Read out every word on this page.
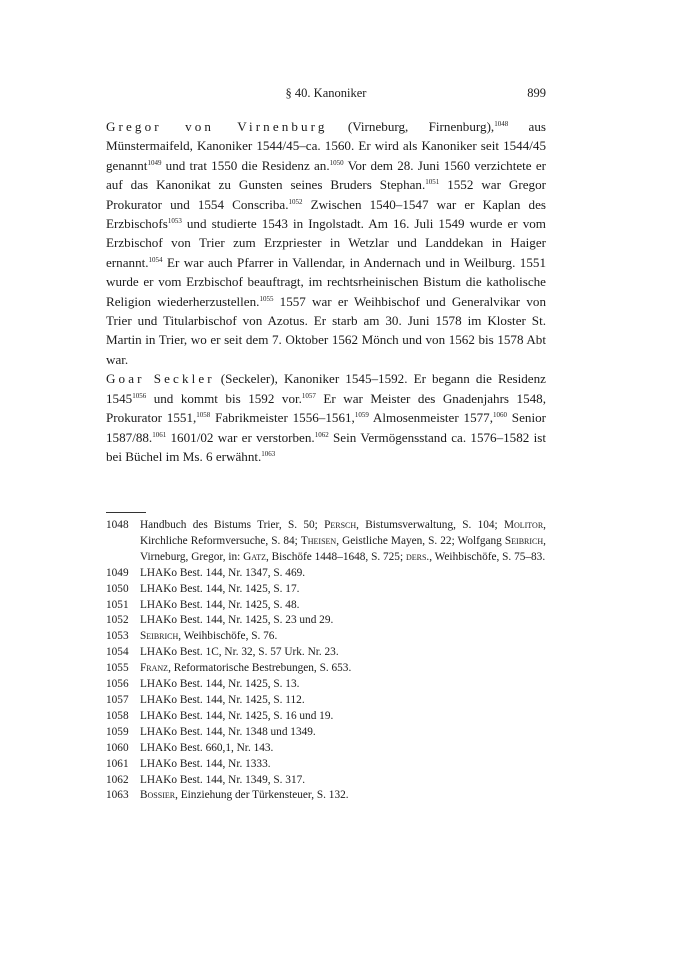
§ 40. Kanoniker	899

Gregor von Virnenburg (Virneburg, Firnenburg),$^{1048}$ aus Münstermaifeld, Kanoniker 1544/45–ca. 1560. Er wird als Kanoniker seit 1544/45 genannt$^{1049}$ und trat 1550 die Residenz an.$^{1050}$ Vor dem 28. Juni 1560 verzichtete er auf das Kanonikat zu Gunsten seines Bruders Stephan.$^{1051}$ 1552 war Gregor Prokurator und 1554 Conscriba.$^{1052}$ Zwischen 1540–1547 war er Kaplan des Erzbischofs$^{1053}$ und studierte 1543 in Ingolstadt. Am 16. Juli 1549 wurde er vom Erzbischof von Trier zum Erzpriester in Wetzlar und Landdekan in Haiger ernannt.$^{1054}$ Er war auch Pfarrer in Vallendar, in Andernach und in Weilburg. 1551 wurde er vom Erzbischof beauftragt, im rechtsrheinischen Bistum die katholische Religion wiederherzustellen.$^{1055}$ 1557 war er Weihbischof und Generalvikar von Trier und Titularbischof von Azotus. Er starb am 30. Juni 1578 im Kloster St. Martin in Trier, wo er seit dem 7. Oktober 1562 Mönch und von 1562 bis 1578 Abt war.

Goar Seckler (Seckeler), Kanoniker 1545–1592. Er begann die Residenz $1545^{1056}$ und kommt bis 1592 vor.$^{1057}$ Er war Meister des Gnadenjahrs 1548, Prokurator 1551,$^{1058}$ Fabrikmeister 1556–1561,$^{1059}$ Almosenmeister 1577,$^{1060}$ Senior 1587/88.$^{1061}$ 1601/02 war er verstorben.$^{1062}$ Sein Vermögensstand ca. 1576–1582 ist bei Büchel im Ms. 6 erwähnt.$^{1063}$

1048	Handbuch des Bistums Trier, S. 50; Persch, Bistumsverwaltung, S. 104; Molitor, Kirchliche Reformversuche, S. 84; Theisen, Geistliche Mayen, S. 22; Wolfgang Seibrich, Virneburg, Gregor, in: Gatz, Bischöfe 1448–1648, S. 725; ders., Weihbischöfe, S. 75–83.
1049	LHAKo Best. 144, Nr. 1347, S. 469.
1050	LHAKo Best. 144, Nr. 1425, S. 17.
1051	LHAKo Best. 144, Nr. 1425, S. 48.
1052	LHAKo Best. 144, Nr. 1425, S. 23 und 29.
1053	Seibrich, Weihbischöfe, S. 76.
1054	LHAKo Best. 1C, Nr. 32, S. 57 Urk. Nr. 23.
1055	Franz, Reformatorische Bestrebungen, S. 653.
1056	LHAKo Best. 144, Nr. 1425, S. 13.
1057	LHAKo Best. 144, Nr. 1425, S. 112.
1058	LHAKo Best. 144, Nr. 1425, S. 16 und 19.
1059	LHAKo Best. 144, Nr. 1348 und 1349.
1060	LHAKo Best. 660,1, Nr. 143.
1061	LHAKo Best. 144, Nr. 1333.
1062	LHAKo Best. 144, Nr. 1349, S. 317.
1063	Bossier, Einziehung der Türkensteuer, S. 132.
